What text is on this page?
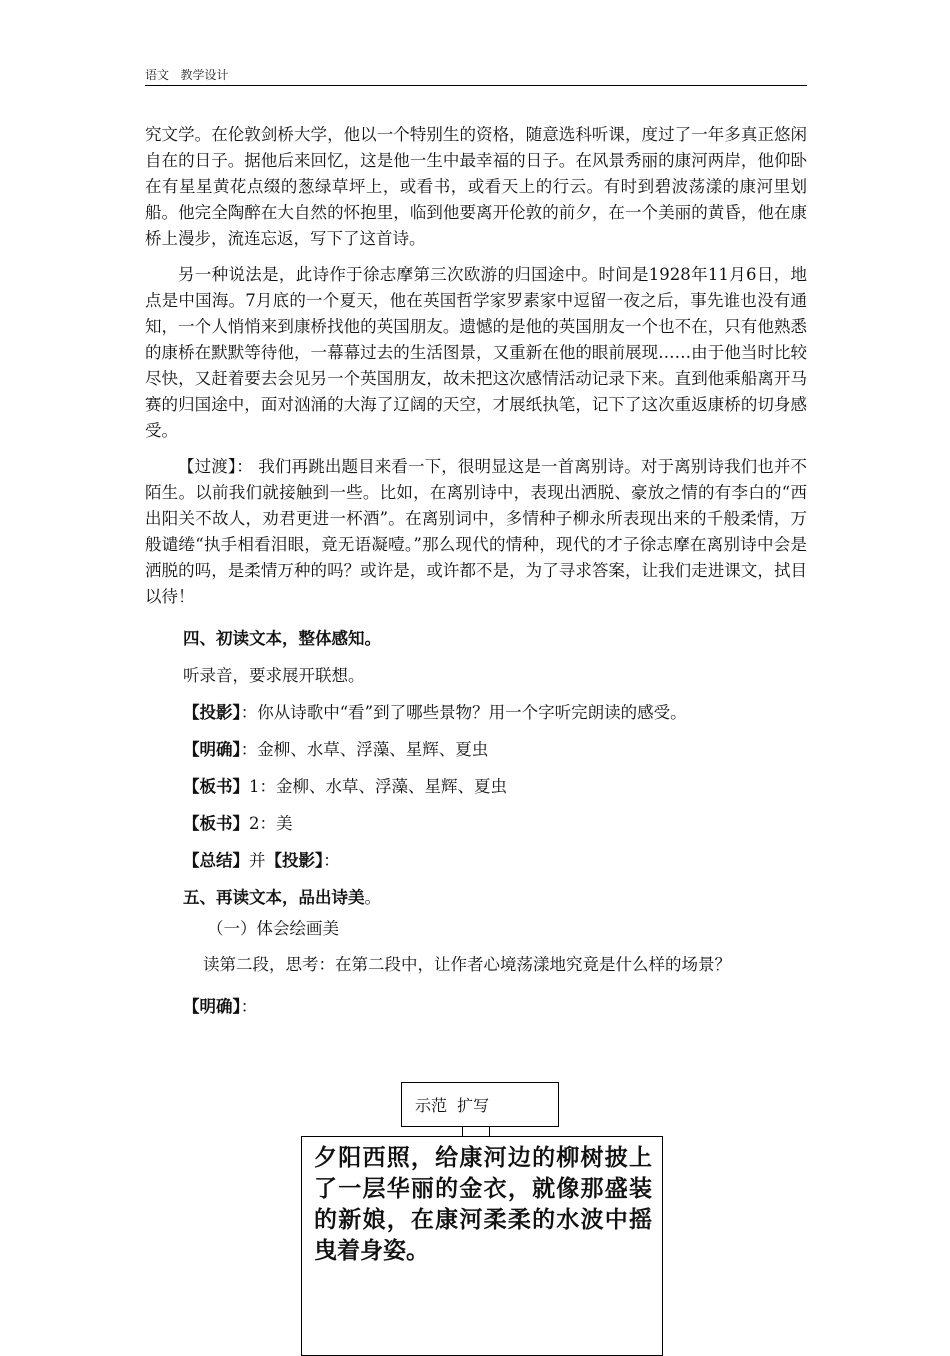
语文   教学设计

究文学。在伦敦剑桥大学，他以一个特别生的资格，随意选科听课，度过了一年多真正悠闲自在的日子。据他后来回忆，这是他一生中最幸福的日子。在风景秀丽的康河两岸，他仰卧在有星星黄花点缀的葱绿草坪上，或看书，或看天上的行云。有时到碧波荡漾的康河里划船。他完全陶醉在大自然的怀抱里，临到他要离开伦敦的前夕，在一个美丽的黄昏，他在康桥上漫步，流连忘返，写下了这首诗。

另一种说法是，此诗作于徐志摩第三次欧游的归国途中。时间是1928年11月6日，地点是中国海。7月底的一个夏天，他在英国哲学家罗素家中逗留一夜之后，事先谁也没有通知，一个人悄悄来到康桥找他的英国朋友。遗憾的是他的英国朋友一个也不在，只有他熟悉的康桥在默默等待他，一幕幕过去的生活图景，又重新在他的眼前展现……由于他当时比较尽快，又赶着要去会见另一个英国朋友，故未把这次感情活动记录下来。直到他乘船离开马赛的归国途中，面对汹涌的大海了辽阔的天空，才展纸执笔，记下了这次重返康桥的切身感受。

【过渡】： 我们再跳出题目来看一下，很明显这是一首离别诗。对于离别诗我们也并不陌生。以前我们就接触到一些。比如，在离别诗中，表现出洒脱、豪放之情的有李白的“西出阳关不故人，劝君更进一杯酒”。在离别词中，多情种子柳永所表现出来的千般柔情，万般谴绻“执手相看泪眼，竟无语凝噎。”那么现代的情种，现代的才子徐志摩在离别诗中会是洒脱的吗，是柔情万种的吗？或许是，或许都不是，为了寻求答案，让我们走进课文，拭目以待！

四、初读文本，整体感知。

听录音，要求展开联想。

【投影】：你从诗歌中“看”到了哪些景物？用一个字听完朗读的感受。

【明确】：金柳、水草、浮藻、星辉、夏虫

【板书】1：金柳、水草、浮藻、星辉、夏虫

【板书】2：美

【总结】并【投影】：

五、再读文本，品出诗美。

（一）体会绘画美

读第二段，思考：在第二段中，让作者心境荡漾地究竟是什么样的场景？

【明确】：

示范  扩写
夕阳西照，给康河边的柳树披上了一层华丽的金衣，就像那盛装的新娘，在康河柔柔的水波中摇曳着身姿。
